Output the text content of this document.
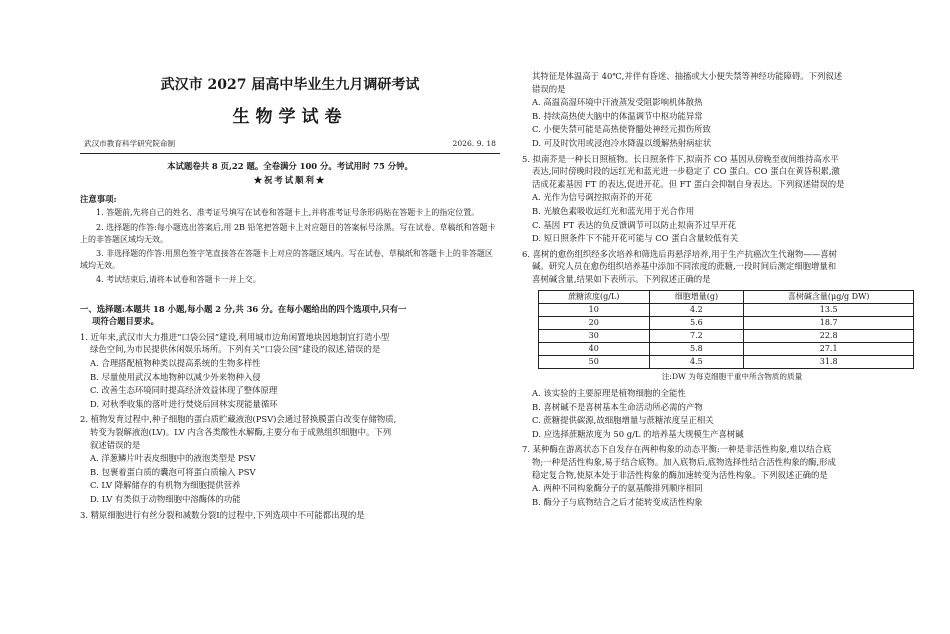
武汉市 2027 届高中毕业生九月调研考试
生物学试卷
武汉市教育科学研究院命制	2026. 9. 18
本试题卷共 8 页,22 题。全卷满分 100 分。考试用时 75 分钟。
★祝考试顺利★
注意事项:
1. 答题前,先将自己的姓名、准考证号填写在试卷和答题卡上,并将准考证号条形码贴在答题卡上的指定位置。
2. 选择题的作答:每小题选出答案后,用 2B 铅笔把答题卡上对应题目的答案标号涂黑。写在试卷、草稿纸和答题卡上的非答题区域均无效。
3. 非选择题的作答:用黑色签字笔直接答在答题卡上对应的答题区域内。写在试卷、草稿纸和答题卡上的非答题区域均无效。
4. 考试结束后,请将本试卷和答题卡一并上交。
一、选择题:本题共 18 小题,每小题 2 分,共 36 分。在每小题给出的四个选项中,只有一
项符合题目要求。
1. 近年来,武汉市大力推进“口袋公园”建设,利用城市边角闲置地块因地制宜打造小型
绿色空间,为市民提供休闲娱乐场所。下列有关“口袋公园”建设的叙述,错误的是
A. 合理搭配植物种类以提高系统的生物多样性
B. 尽量使用武汉本地物种以减少外来物种入侵
C. 改善生态环境同时提高经济效益体现了整体原理
D. 对秋季收集的落叶进行焚烧后回林实现能量循环
2. 植物发育过程中,种子细胞的蛋白质贮藏液泡(PSV)会通过替换膜蛋白改变存储物质,
转变为裂解液泡(LV)。LV 内含各类酸性水解酶,主要分布于成熟组织细胞中。下列
叙述错误的是
A. 洋葱鳞片叶表皮细胞中的液泡类型是 PSV
B. 包裹着蛋白质的囊泡可将蛋白质输入 PSV
C. LV 降解储存的有机物为细胞提供营养
D. LV 有类似于动物细胞中溶酶体的功能
3. 精原细胞进行有丝分裂和减数分裂Ⅰ的过程中,下列选项中不可能都出现的是
其特征是体温高于 40℃,并伴有昏迷、抽搐或大小便失禁等神经功能障碍。下列叙述
错误的是
A. 高温高湿环境中汗液蒸发受阻影响机体散热
B. 持续高热使大脑中的体温调节中枢功能异常
C. 小便失禁可能是高热使脊髓处神经元损伤所致
D. 可及时饮用或浸泡冷水降温以缓解热射病症状
5. 拟南芥是一种长日照植物。长日照条件下,拟南芥 CO 基因从傍晚至夜间维持高水平
表达,同时傍晚时段的远红光和蓝光进一步稳定了 CO 蛋白。CO 蛋白在黄昏积累,激
活成花素基因 FT 的表达,促进开花。但 FT 蛋白会抑制自身表达。下列叙述错误的是
A. 光作为信号调控拟南芥的开花
B. 光敏色素吸收远红光和蓝光用于光合作用
C. 基因 FT 表达的负反馈调节可以防止拟南芥过早开花
D. 短日照条件下不能开花可能与 CO 蛋白含量较低有关
6. 喜树的愈伤组织经多次培养和筛选后再悬浮培养,用于生产抗癌次生代谢物——喜树
碱。研究人员在愈伤组织培养基中添加不同浓度的蔗糖,一段时间后测定细胞增量和
喜树碱含量,结果如下表所示。下列叙述正确的是
蔗糖浓度(g/L)	细胞增量(g)	喜树碱含量(μg/g DW)
10	4.2	13.5
20	5.6	18.7
30	7.2	22.8
40	5.8	27.1
50	4.5	31.8
注:DW 为每克细胞干重中所含物质的质量
A. 该实验的主要原理是植物细胞的全能性
B. 喜树碱不是喜树基本生命活动所必需的产物
C. 蔗糖提供碳源,故细胞增量与蔗糖浓度呈正相关
D. 应选择蔗糖浓度为 50 g/L 的培养基大规模生产喜树碱
7. 某种酶在游离状态下自发存在两种构象的动态平衡:一种是非活性构象,难以结合底
物;一种是活性构象,易于结合底物。加入底物后,底物选择性结合活性构象的酶,形成
稳定复合物,使原本处于非活性构象的酶加速转变为活性构象。下列叙述正确的是
A. 两种不同构象酶分子的氨基酸排列顺序相同
B. 酶分子与底物结合之后才能转变成活性构象
